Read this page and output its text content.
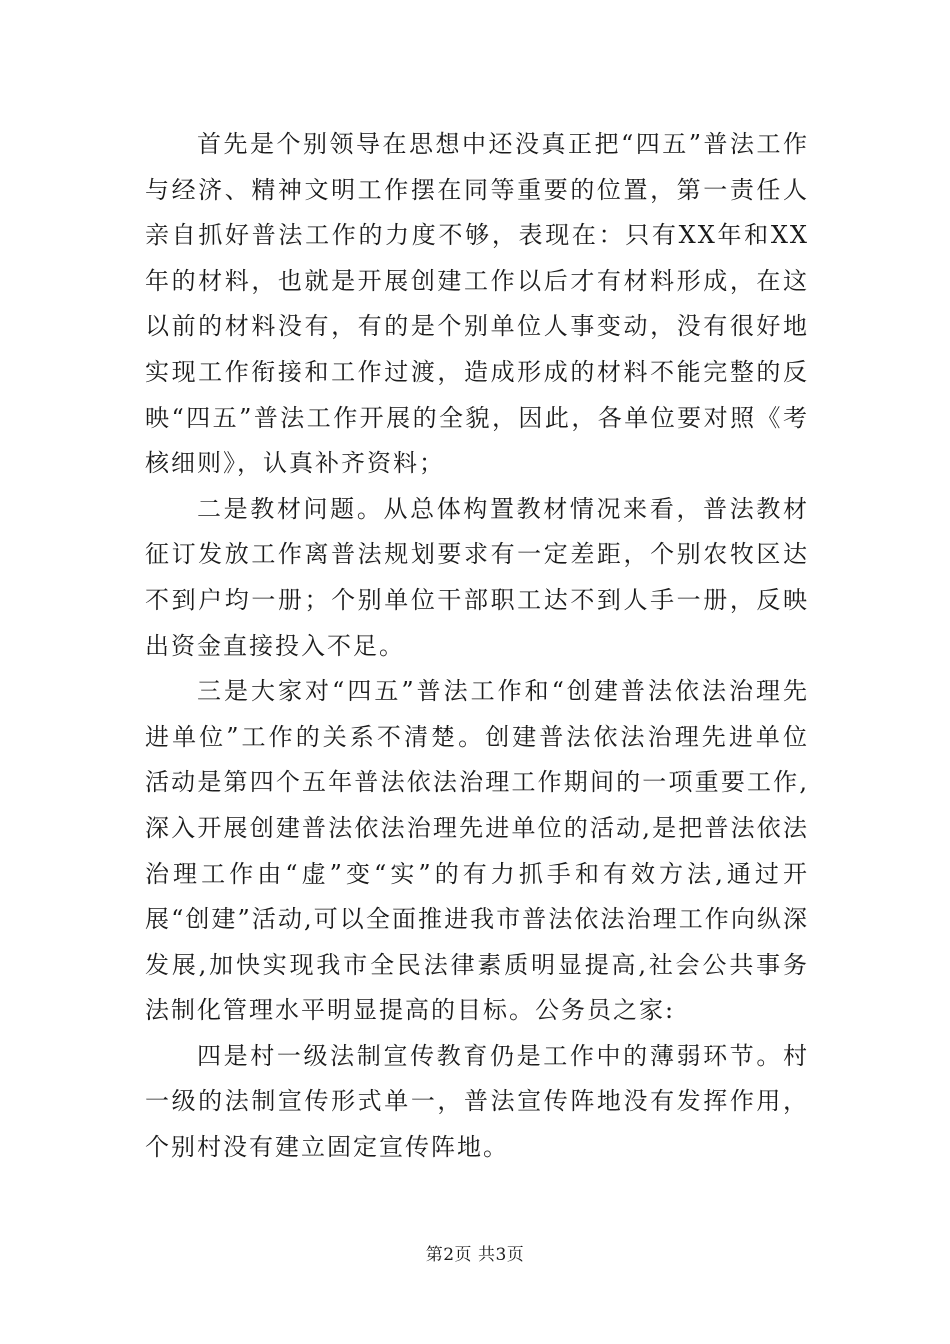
首先是个别领导在思想中还没真正把“四五”普法工作与经济、精神文明工作摆在同等重要的位置，第一责任人亲自抓好普法工作的力度不够，表现在：只有XX年和XX年的材料，也就是开展创建工作以后才有材料形成，在这以前的材料没有，有的是个别单位人事变动，没有很好地实现工作衔接和工作过渡，造成形成的材料不能完整的反映“四五”普法工作开展的全貌，因此，各单位要对照《考核细则》，认真补齐资料；

二是教材问题。从总体构置教材情况来看，普法教材征订发放工作离普法规划要求有一定差距，个别农牧区达不到户均一册；个别单位干部职工达不到人手一册，反映出资金直接投入不足。

三是大家对“四五”普法工作和“创建普法依法治理先进单位”工作的关系不清楚。创建普法依法治理先进单位活动是第四个五年普法依法治理工作期间的一项重要工作,深入开展创建普法依法治理先进单位的活动,是把普法依法治理工作由“虚”变“实”的有力抓手和有效方法,通过开展“创建”活动,可以全面推进我市普法依法治理工作向纵深发展,加快实现我市全民法律素质明显提高,社会公共事务法制化管理水平明显提高的目标。公务员之家:

四是村一级法制宣传教育仍是工作中的薄弱环节。村一级的法制宣传形式单一，普法宣传阵地没有发挥作用，个别村没有建立固定宣传阵地。

第2页 共3页
